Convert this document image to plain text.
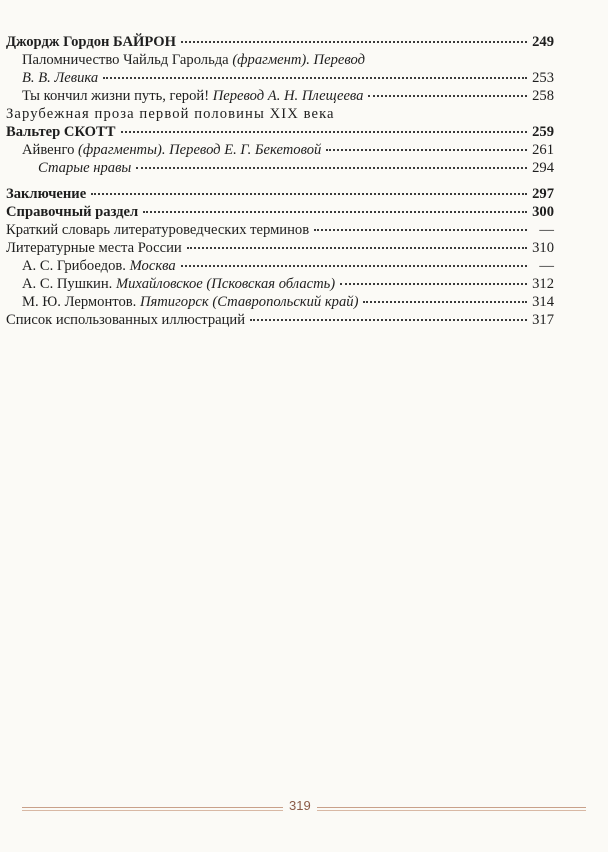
Джордж Гордон БАЙРОН	249
Паломничество Чайльд Гарольда (фрагмент). Перевод
В. В. Левика	253
Ты кончил жизни путь, герой! Перевод А. Н. Плещеева	258
Зарубежная проза первой половины XIX века
Вальтер СКОТТ	259
Айвенго (фрагменты). Перевод Е. Г. Бекетовой	261
Старые нравы	294
Заключение	297
Справочный раздел	300
Краткий словарь литературоведческих терминов	—
Литературные места России	310
А. С. Грибоедов. Москва	—
А. С. Пушкин. Михайловское (Псковская область)	312
М. Ю. Лермонтов. Пятигорск (Ставропольский край)	314
Список использованных иллюстраций	317
319
